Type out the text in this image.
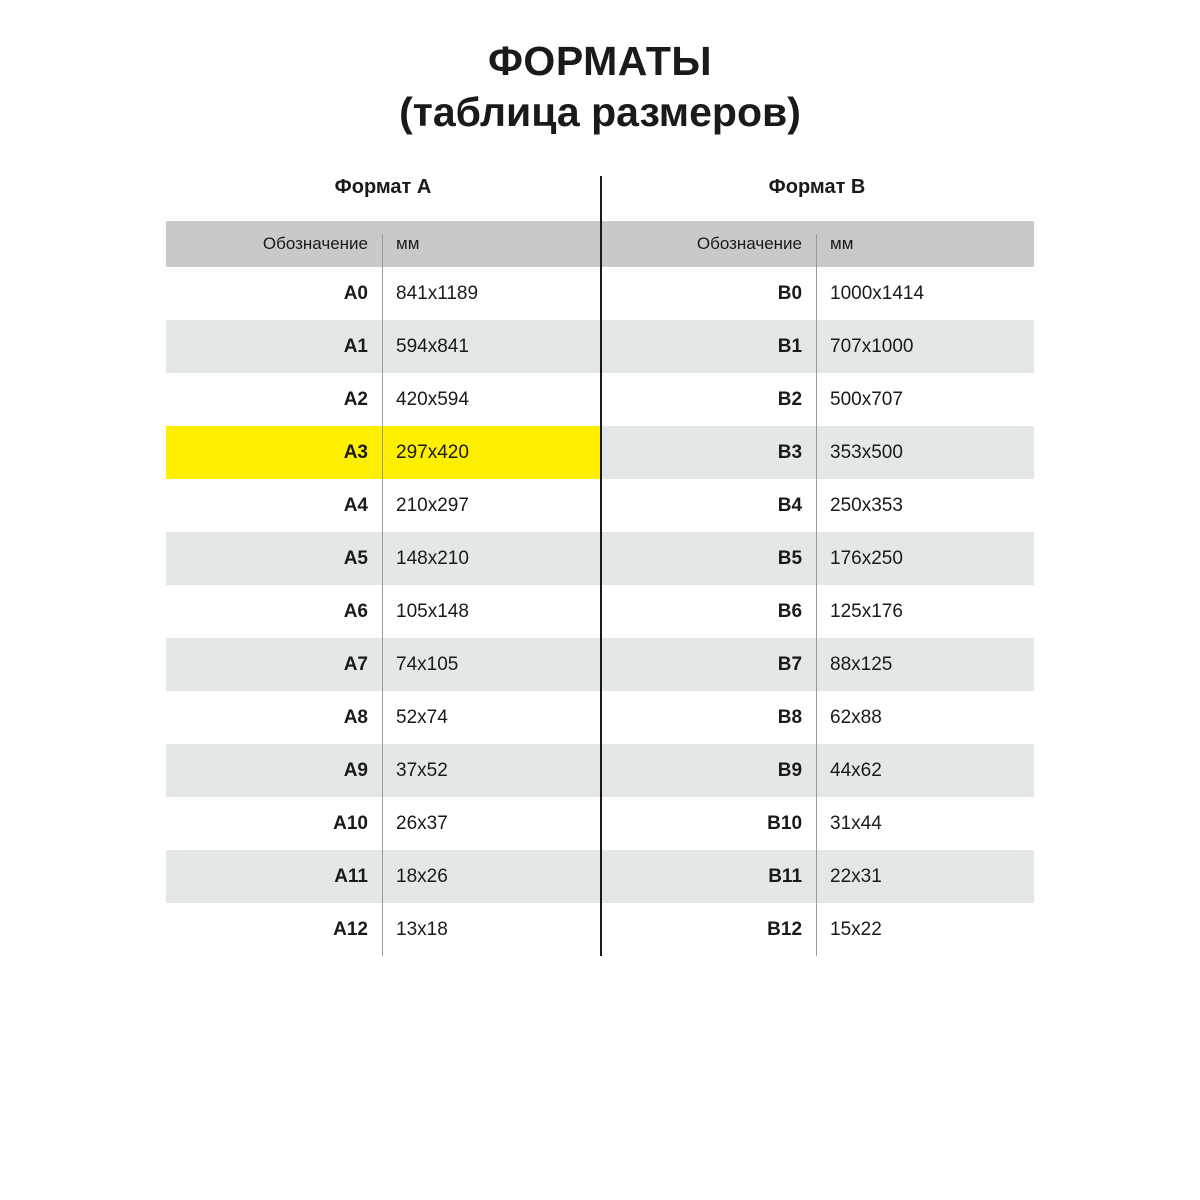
ФОРМАТЫ
(таблица размеров)
Формат A		Формат B	
Обозначение	мм	Обозначение	мм
A0	841x1189	B0	1000x1414
A1	594x841	B1	707x1000
A2	420x594	B2	500x707
A3	297x420	B3	353x500
A4	210x297	B4	250x353
A5	148x210	B5	176x250
A6	105x148	B6	125x176
A7	74x105	B7	88x125
A8	52x74	B8	62x88
A9	37x52	B9	44x62
A10	26x37	B10	31x44
A11	18x26	B11	22x31
A12	13x18	B12	15x22
